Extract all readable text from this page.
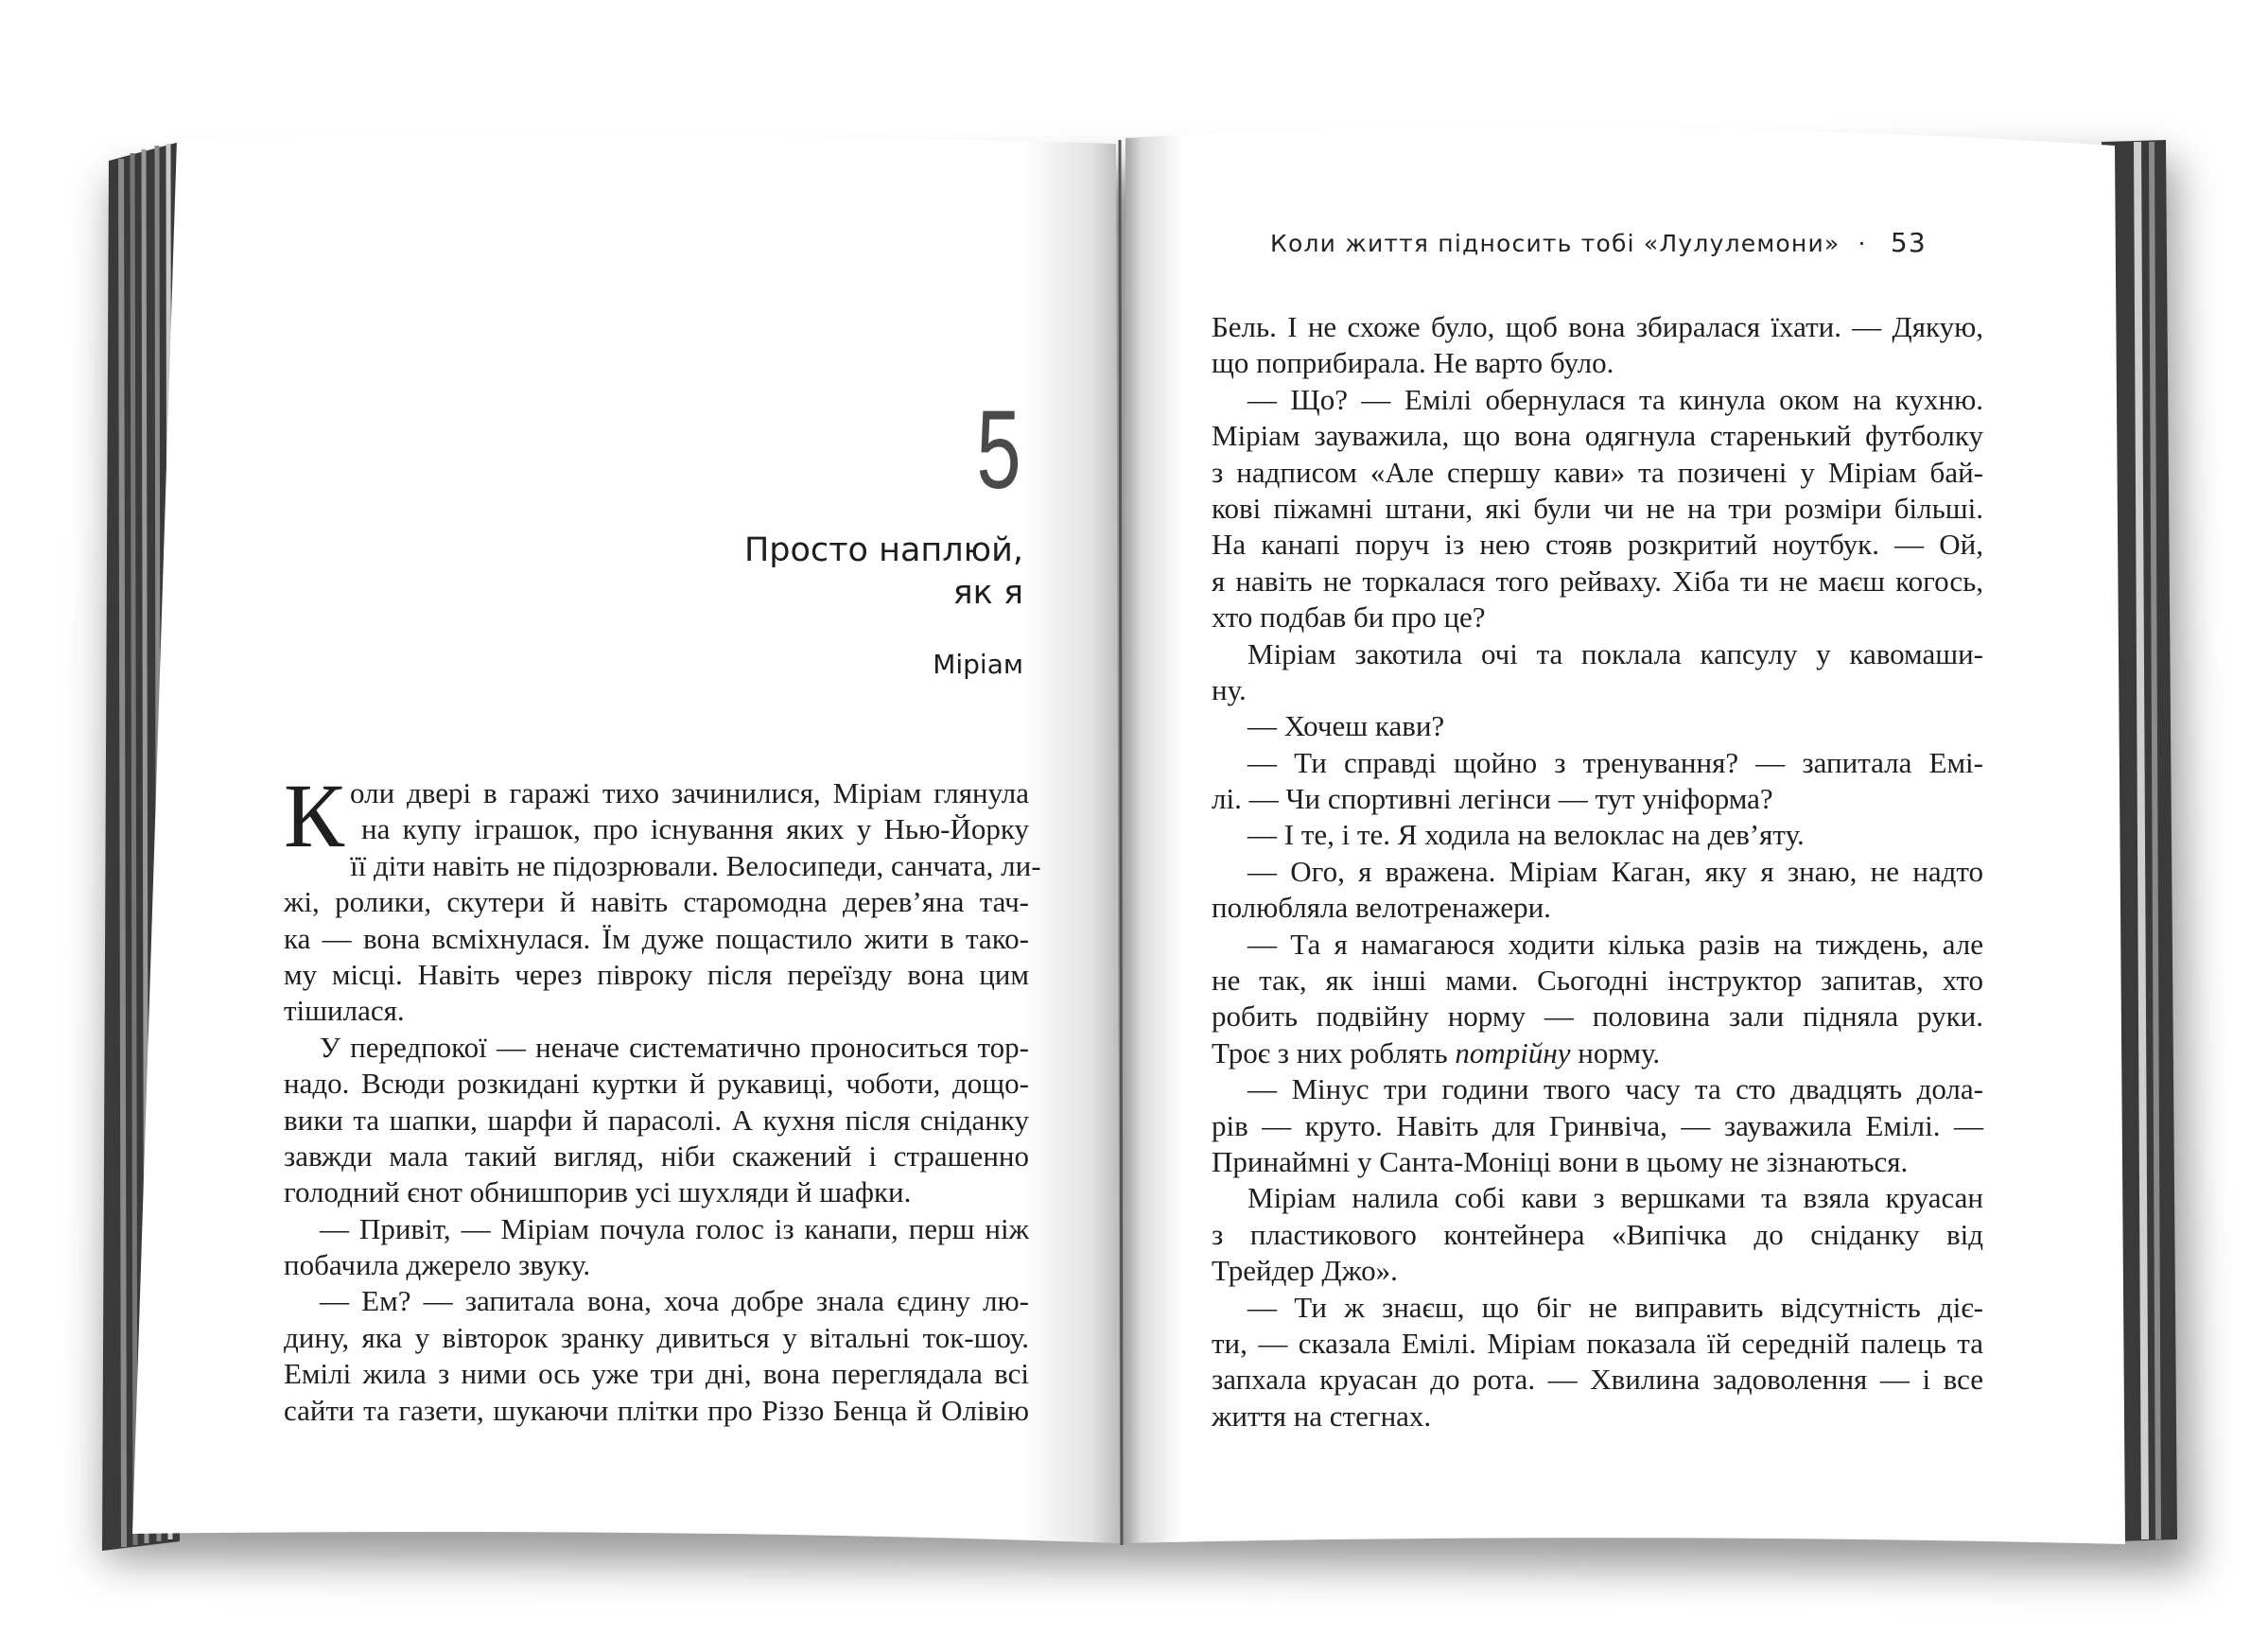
5
Просто наплюй,
як я
Міріам
Коли двері в гаражі тихо зачинилися, Міріам глянула
на купу іграшок, про існування яких у Нью-Йорку
її діти навіть не підозрювали. Велосипеди, санчата, ли-
жі, ролики, скутери й навіть старомодна дерев’яна тач-
ка — вона всміхнулася. Їм дуже пощастило жити в тако-
му місці. Навіть через півроку після переїзду вона цим
тішилася.
У передпокої — неначе систематично проноситься тор-
надо. Всюди розкидані куртки й рукавиці, чоботи, дощо-
вики та шапки, шарфи й парасолі. А кухня після сніданку
завжди мала такий вигляд, ніби скажений і страшенно
голодний єнот обнишпорив усі шухляди й шафки.
— Привіт, — Міріам почула голос із канапи, перш ніж
побачила джерело звуку.
— Ем? — запитала вона, хоча добре знала єдину лю-
дину, яка у вівторок зранку дивиться у вітальні ток-шоу.
Емілі жила з ними ось уже три дні, вона переглядала всі
сайти та газети, шукаючи плітки про Різзо Бенца й Олівію
Коли життя підносить тобі «Лулулемони» · 53
Бель. І не схоже було, щоб вона збиралася їхати. — Дякую,
що поприбирала. Не варто було.
— Що? — Емілі обернулася та кинула оком на кухню.
Міріам зауважила, що вона одягнула старенький футболку
з надписом «Але спершу кави» та позичені у Міріам бай-
кові піжамні штани, які були чи не на три розміри більші.
На канапі поруч із нею стояв розкритий ноутбук. — Ой,
я навіть не торкалася того рейваху. Хіба ти не маєш когось,
хто подбав би про це?
Міріам закотила очі та поклала капсулу у кавомаши-
ну.
— Хочеш кави?
— Ти справді щойно з тренування? — запитала Емі-
лі. — Чи спортивні легінси — тут уніформа?
— І те, і те. Я ходила на велоклас на дев’яту.
— Ого, я вражена. Міріам Каган, яку я знаю, не надто
полюбляла велотренажери.
— Та я намагаюся ходити кілька разів на тиждень, але
не так, як інші мами. Сьогодні інструктор запитав, хто
робить подвійну норму — половина зали підняла руки.
Троє з них роблять потрійну норму.
— Мінус три години твого часу та сто двадцять дола-
рів — круто. Навіть для Гринвіча, — зауважила Емілі. —
Принаймні у Санта-Моніці вони в цьому не зізнаються.
Міріам налила собі кави з вершками та взяла круасан
з пластикового контейнера «Випічка до сніданку від
Трейдер Джо».
— Ти ж знаєш, що біг не виправить відсутність діє-
ти, — сказала Емілі. Міріам показала їй середній палець та
запхала круасан до рота. — Хвилина задоволення — і все
життя на стегнах.
